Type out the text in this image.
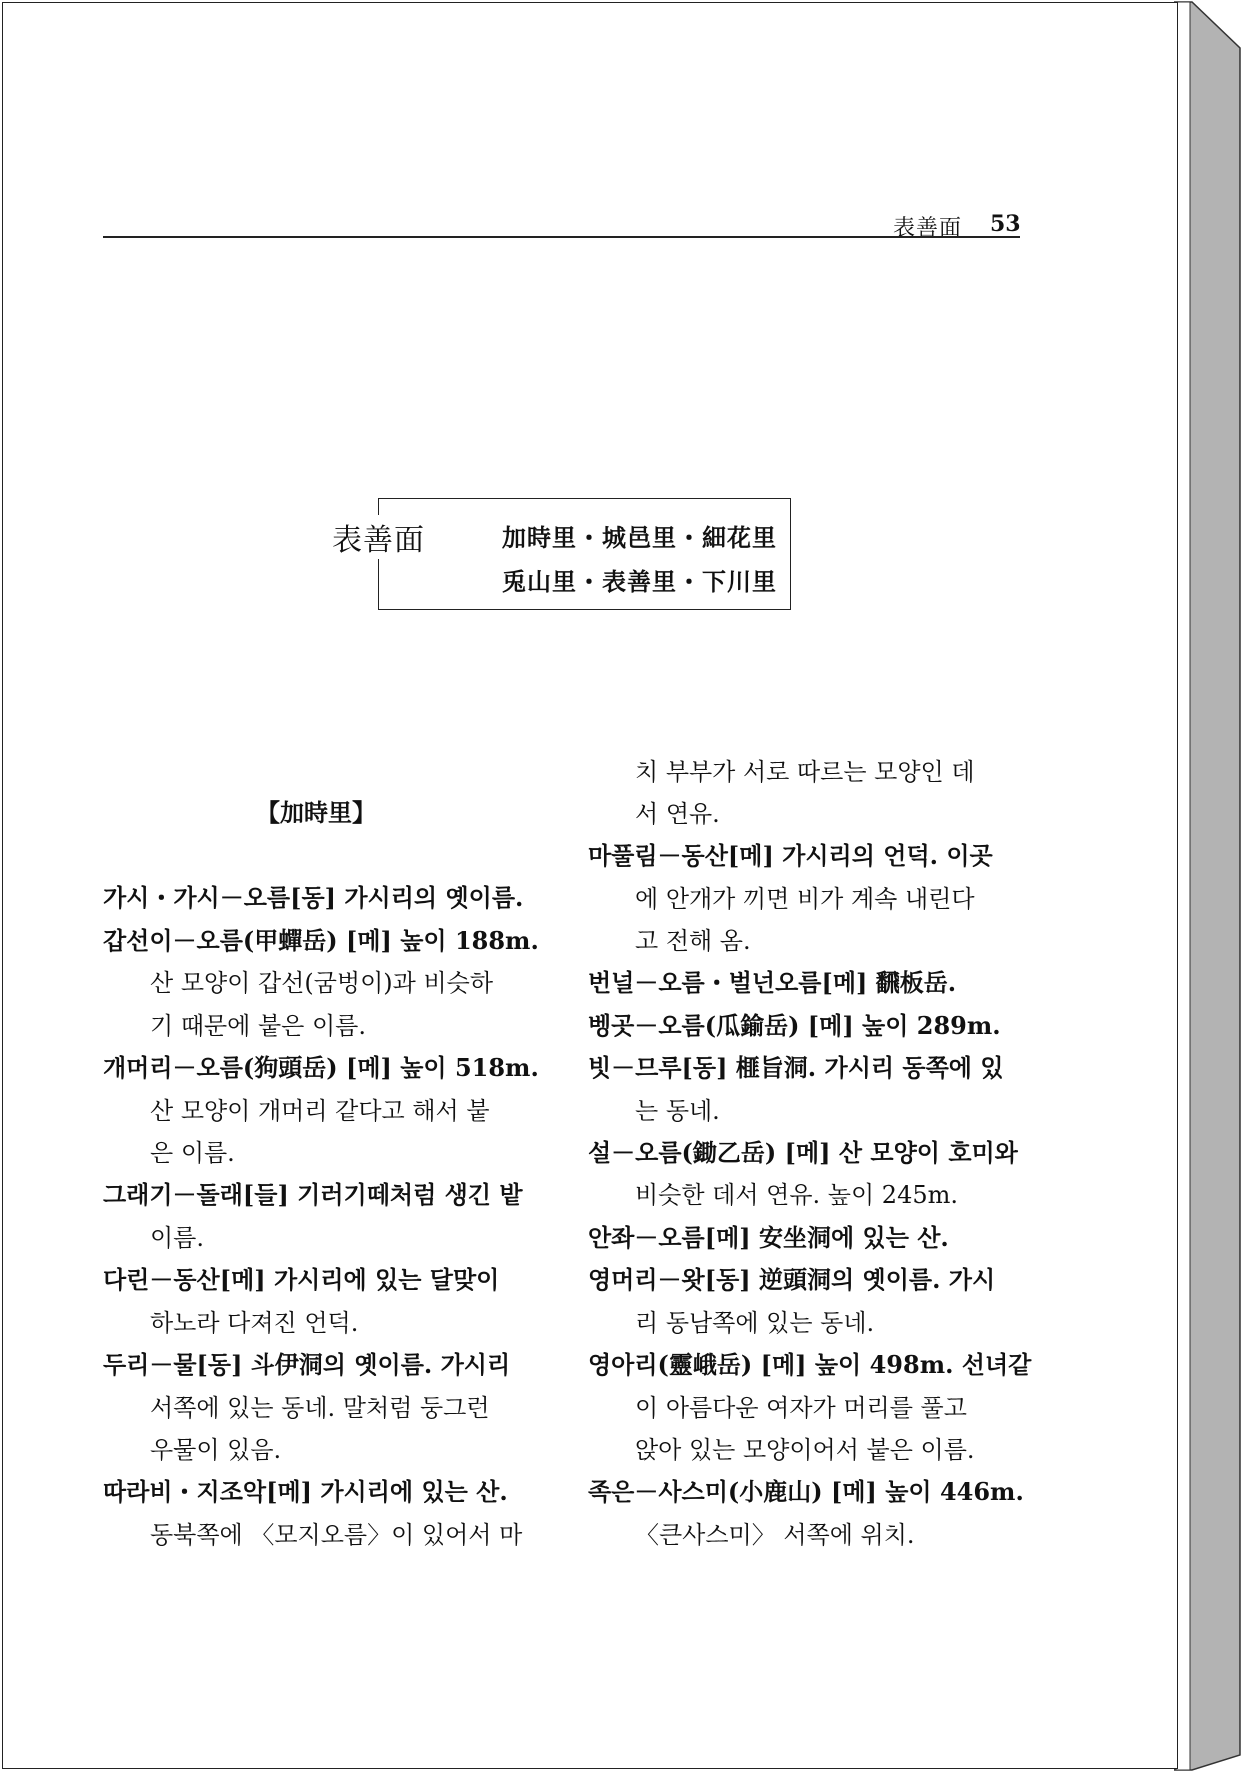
表善面 53
表善面	加時里・城邑里・細花里
兎山里・表善里・下川里
【加時里】
가시・가시－오름[동] 가시리의 옛이름.
갑선이－오름(甲蟬岳) [메] 높이 188m.
산 모양이 갑선(굼벙이)과 비슷하
기 때문에 붙은 이름.
개머리－오름(狗頭岳) [메] 높이 518m.
산 모양이 개머리 같다고 해서 붙
은 이름.
그래기－돌래[들] 기러기떼처럼 생긴 밭
이름.
다린－동산[메] 가시리에 있는 달맞이
하노라 다져진 언덕.
두리－물[동] 斗伊洞의 옛이름. 가시리
서쪽에 있는 동네. 말처럼 둥그런
우물이 있음.
따라비・지조악[메] 가시리에 있는 산.
동북쪽에 〈모지오름〉이 있어서 마
치 부부가 서로 따르는 모양인 데
서 연유.
마풀림－동산[메] 가시리의 언덕. 이곳
에 안개가 끼면 비가 계속 내린다
고 전해 옴.
번널－오름・벌넌오름[메] 飜板岳.
벵곳－오름(瓜鍮岳) [메] 높이 289m.
빗－므루[동] 榧旨洞. 가시리 동쪽에 있
는 동네.
설－오름(鋤乙岳) [메] 산 모양이 호미와
비슷한 데서 연유. 높이 245m.
안좌－오름[메] 安坐洞에 있는 산.
영머리－왓[동] 逆頭洞의 옛이름. 가시
리 동남쪽에 있는 동네.
영아리(靈峨岳) [메] 높이 498m. 선녀같
이 아름다운 여자가 머리를 풀고
앉아 있는 모양이어서 붙은 이름.
족은－사스미(小鹿山) [메] 높이 446m.
〈큰사스미〉 서쪽에 위치.
